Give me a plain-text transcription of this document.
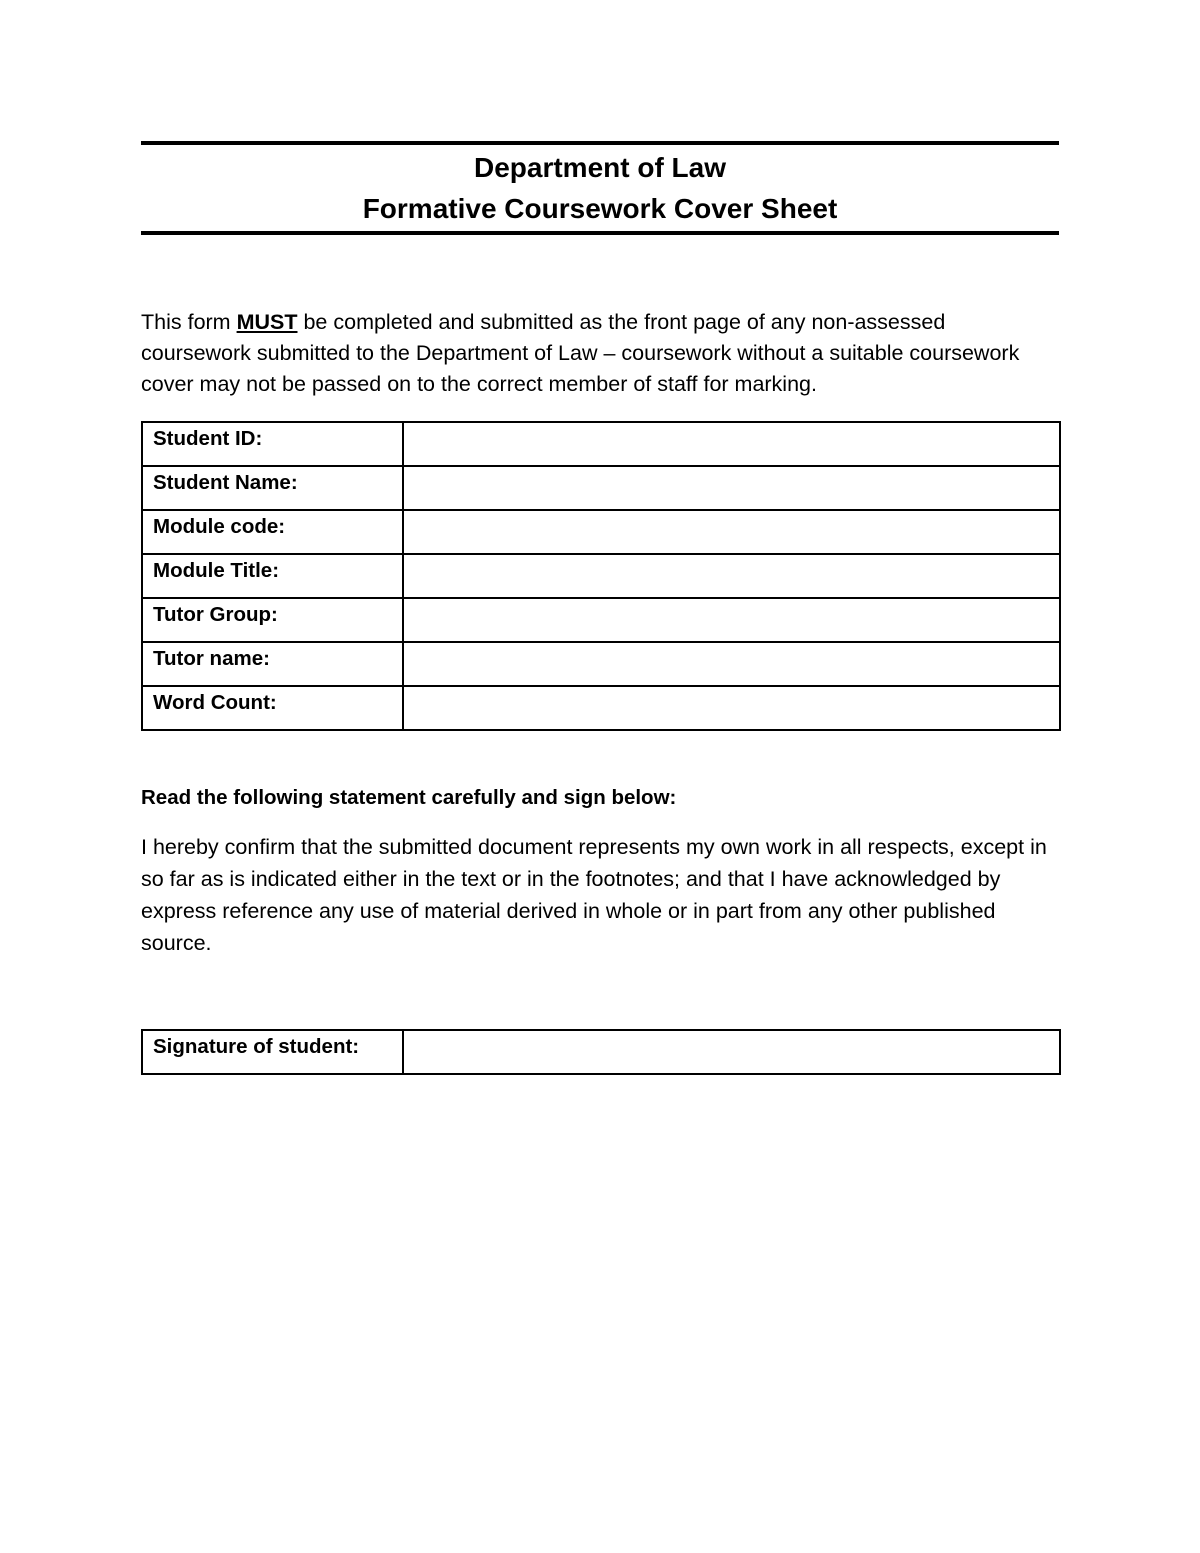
Department of Law
Formative Coursework Cover Sheet
This form MUST be completed and submitted as the front page of any non-assessed coursework submitted to the Department of Law – coursework without a suitable coursework cover may not be passed on to the correct member of staff for marking.
Student ID:	
Student Name:	
Module code:	
Module Title:	
Tutor Group:	
Tutor name:	
Word Count:	
Read the following statement carefully and sign below:
I hereby confirm that the submitted document represents my own work in all respects, except in so far as is indicated either in the text or in the footnotes; and that I have acknowledged by express reference any use of material derived in whole or in part from any other published source.
Signature of student:	
